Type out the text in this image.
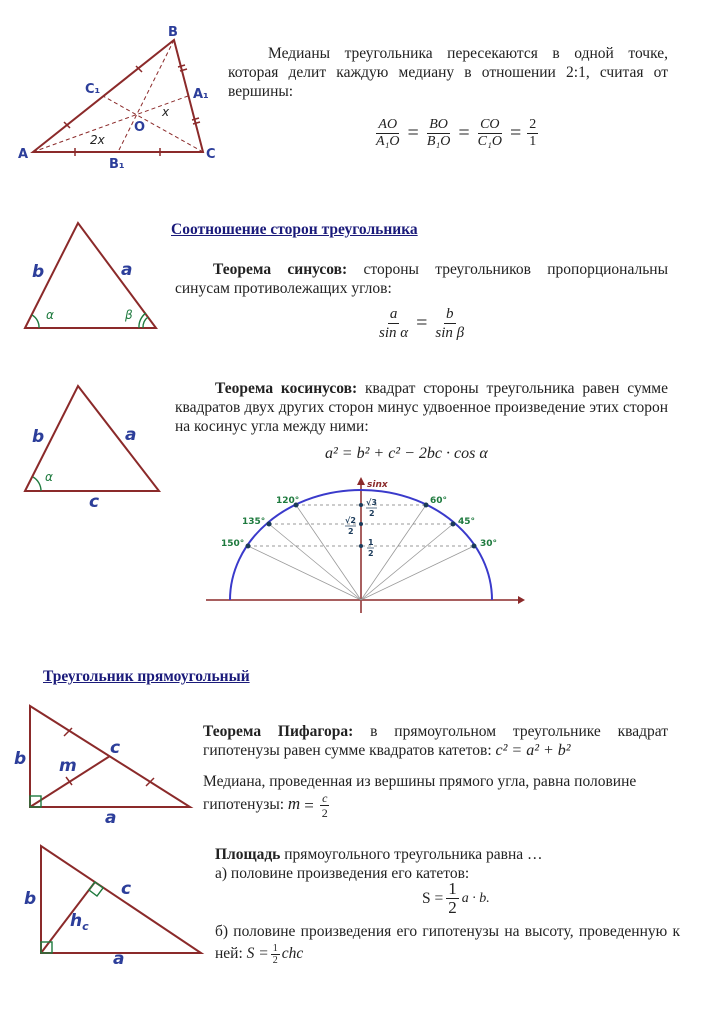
B
A	C
C₁	A₁
B₁
O
x
2x
Медианы треугольника пересекаются в одной точке, которая делит каждую медиану в отношении 2:1, считая от вершины:
$\frac{AO}{\text{A₁O}} = \frac{BO}{\text{B₁O}} = \frac{CO}{\text{C₁O}} = \frac{2}{1}$
Соотношение сторон треугольника
b	a
α	β
Теорема синусов: стороны треугольников пропорциональны синусам противолежащих углов:
$\frac{a}{\text{sin α}} = \frac{b}{\text{sin β}}$
b	a
c
α
Теорема косинусов: квадрат стороны треугольника равен сумме квадратов двух других сторон минус удвоенное произведение этих сторон на косинус угла между ними:
a² = b² + c² − 2bc · cos α
sinx
120°	60°
135°	45°
150°	30°
√3
2
√2
2
1
2
Треугольник прямоугольный
b
c
m
a
Теорема Пифагора: в прямоугольном треугольнике квадрат гипотенузы равен сумме квадратов катетов: c² = a² + b²
Медиана, проведенная из вершины прямого угла, равна половине гипотенузы: $m = \frac{c}{2}$
b	c
$h_c$
a
Площадь прямоугольного треугольника равна …
а) половине произведения его катетов:
$S = \frac{1}{2}$ a · b.
б) половине произведения его гипотенузы на высоту, проведенную к ней: $S = \frac{1}{2}$ chc
